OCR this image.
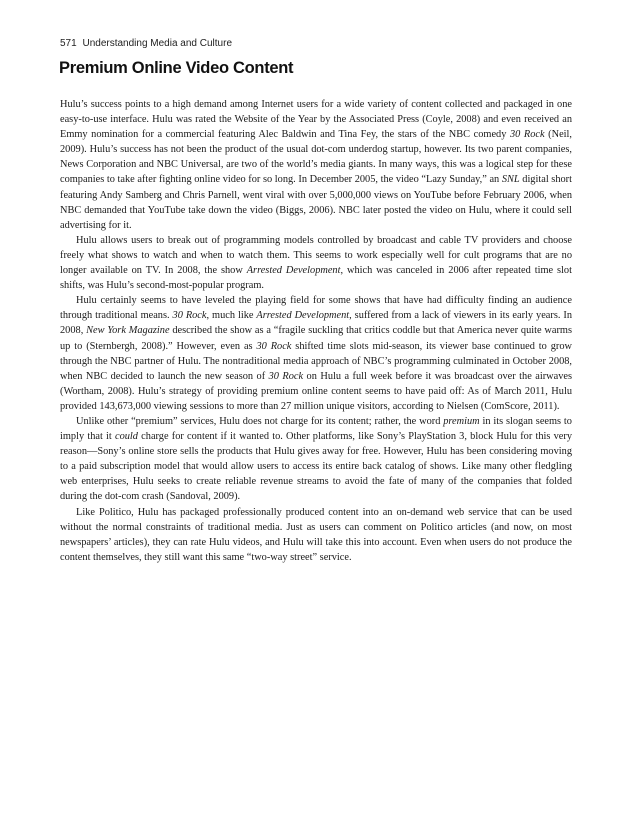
571 Understanding Media and Culture
Premium Online Video Content

Hulu’s success points to a high demand among Internet users for a wide variety of content collected and packaged in one easy-to-use interface. Hulu was rated the Website of the Year by the Associated Press (Coyle, 2008) and even received an Emmy nomination for a commercial featuring Alec Baldwin and Tina Fey, the stars of the NBC comedy 30 Rock (Neil, 2009). Hulu’s success has not been the product of the usual dot-com underdog startup, however. Its two parent companies, News Corporation and NBC Universal, are two of the world’s media giants. In many ways, this was a logical step for these companies to take after fighting online video for so long. In December 2005, the video “Lazy Sunday,” an SNL digital short featuring Andy Samberg and Chris Parnell, went viral with over 5,000,000 views on YouTube before February 2006, when NBC demanded that YouTube take down the video (Biggs, 2006). NBC later posted the video on Hulu, where it could sell advertising for it.

Hulu allows users to break out of programming models controlled by broadcast and cable TV providers and choose freely what shows to watch and when to watch them. This seems to work especially well for cult programs that are no longer available on TV. In 2008, the show Arrested Development, which was canceled in 2006 after repeated time slot shifts, was Hulu’s second-most-popular program.

Hulu certainly seems to have leveled the playing field for some shows that have had difficulty finding an audience through traditional means. 30 Rock, much like Arrested Development, suffered from a lack of viewers in its early years. In 2008, New York Magazine described the show as a “fragile suckling that critics coddle but that America never quite warms up to (Sternbergh, 2008).” However, even as 30 Rock shifted time slots mid-season, its viewer base continued to grow through the NBC partner of Hulu. The nontraditional media approach of NBC’s programming culminated in October 2008, when NBC decided to launch the new season of 30 Rock on Hulu a full week before it was broadcast over the airwaves (Wortham, 2008). Hulu’s strategy of providing premium online content seems to have paid off: As of March 2011, Hulu provided 143,673,000 viewing sessions to more than 27 million unique visitors, according to Nielsen (ComScore, 2011).

Unlike other “premium” services, Hulu does not charge for its content; rather, the word premium in its slogan seems to imply that it could charge for content if it wanted to. Other platforms, like Sony’s PlayStation 3, block Hulu for this very reason—Sony’s online store sells the products that Hulu gives away for free. However, Hulu has been considering moving to a paid subscription model that would allow users to access its entire back catalog of shows. Like many other fledgling web enterprises, Hulu seeks to create reliable revenue streams to avoid the fate of many of the companies that folded during the dot-com crash (Sandoval, 2009).

Like Politico, Hulu has packaged professionally produced content into an on-demand web service that can be used without the normal constraints of traditional media. Just as users can comment on Politico articles (and now, on most newspapers’ articles), they can rate Hulu videos, and Hulu will take this into account. Even when users do not produce the content themselves, they still want this same “two-way street” service.
